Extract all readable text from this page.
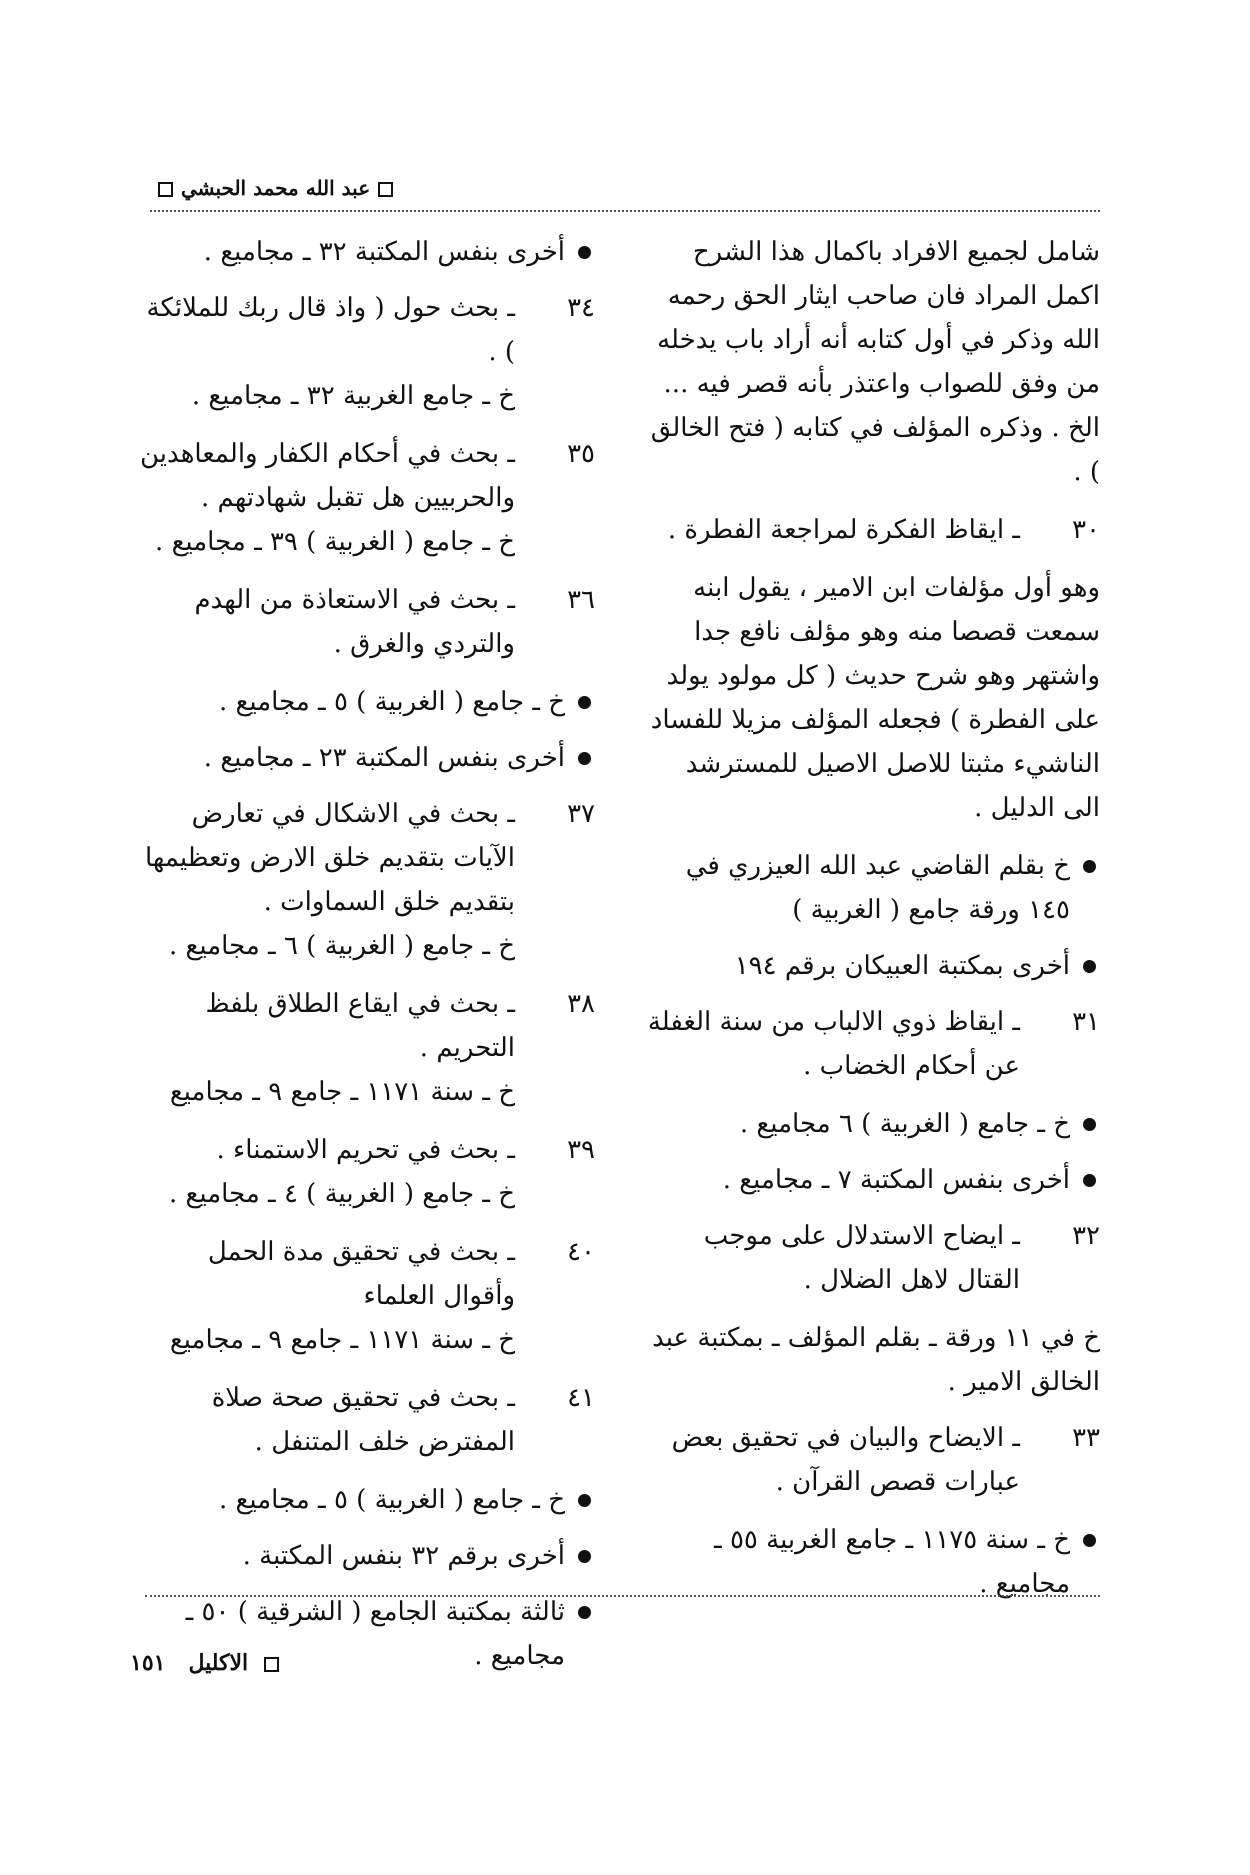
عبد الله محمد الحبشي

شامل لجميع الافراد باكمال هذا الشرح اكمل المراد فان صاحب ايثار الحق رحمه الله وذكر في أول كتابه أنه أراد باب يدخله من وفق للصواب واعتذر بأنه قصر فيه ... الخ . وذكره المؤلف في كتابه ( فتح الخالق ) .

٣٠
ـ ايقاظ الفكرة لمراجعة الفطرة .

وهو أول مؤلفات ابن الامير ، يقول ابنه سمعت قصصا منه وهو مؤلف نافع جدا واشتهر وهو شرح حديث ( كل مولود يولد على الفطرة ) فجعله المؤلف مزيلا للفساد الناشيء مثبتا للاصل الاصيل للمسترشد الى الدليل .

خ بقلم القاضي عبد الله العيزري في ١٤٥ ورقة جامع ( الغربية )
أخرى بمكتبة العبيكان برقم ١٩٤
٣١
ـ ايقاظ ذوي الالباب من سنة الغفلة عن أحكام الخضاب .
خ ـ جامع ( الغربية ) ٦ مجاميع .
أخرى بنفس المكتبة ٧ ـ مجاميع .
٣٢
ـ ايضاح الاستدلال على موجب القتال لاهل الضلال .

خ في ١١ ورقة ـ بقلم المؤلف ـ بمكتبة عبد الخالق الامير .

٣٣
ـ الايضاح والبيان في تحقيق بعض عبارات قصص القرآن .
خ ـ سنة ١١٧٥ ـ جامع الغربية ٥٥ ـ مجاميع .
أخرى بنفس المكتبة ٣٢ ـ مجاميع .
٣٤
ـ بحث حول ( واذ قال ربك للملائكة ) .
خ ـ جامع الغربية ٣٢ ـ مجاميع .
٣٥
ـ بحث في أحكام الكفار والمعاهدين والحربيين هل تقبل شهادتهم .
خ ـ جامع ( الغربية ) ٣٩ ـ مجاميع .
٣٦
ـ بحث في الاستعاذة من الهدم والتردي والغرق .
خ ـ جامع ( الغربية ) ٥ ـ مجاميع .
أخرى بنفس المكتبة ٢٣ ـ مجاميع .
٣٧
ـ بحث في الاشكال في تعارض الآيات بتقديم خلق الارض وتعظيمها بتقديم خلق السماوات .
خ ـ جامع ( الغربية ) ٦ ـ مجاميع .
٣٨
ـ بحث في ايقاع الطلاق بلفظ التحريم .
خ ـ سنة ١١٧١ ـ جامع ٩ ـ مجاميع
٣٩
ـ بحث في تحريم الاستمناء .
خ ـ جامع ( الغربية ) ٤ ـ مجاميع .
٤٠
ـ بحث في تحقيق مدة الحمل وأقوال العلماء
خ ـ سنة ١١٧١ ـ جامع ٩ ـ مجاميع
٤١
ـ بحث في تحقيق صحة صلاة المفترض خلف المتنفل .
خ ـ جامع ( الغربية ) ٥ ـ مجاميع .
أخرى برقم ٣٢ بنفس المكتبة .
ثالثة بمكتبة الجامع ( الشرقية ) ٥٠ ـ مجاميع .
الاكليل   ١٥١
